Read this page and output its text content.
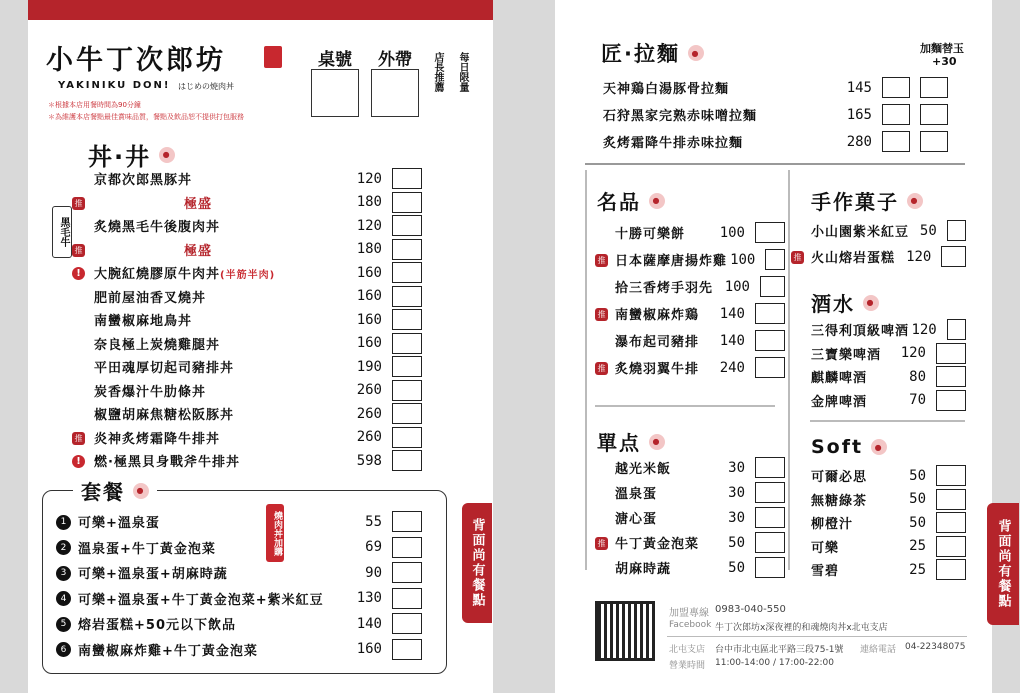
小牛丁次郎坊
YAKINIKU DON! はじめの焼肉丼
＊根據本店用餐時間為90分鐘
＊為維護本店餐點最佳賞味品質，餐點及飲品恕不提供打包服務
桌號 外帶 店長推薦 每日限量
丼·井	●
黑毛牛
京都次郎黑豚丼	120
推	極盛	180
炙燒黑毛牛後腹肉丼	120
推	極盛	180
!	大腕紅燒膠原牛肉丼(半筋半肉)	160
肥前屋油香叉燒丼	160
南蠻椒麻地鳥丼	160
奈良極上炭燒雞腿丼	160
平田魂厚切起司豬排丼	190
炭香爆汁牛肋條丼	260
椒鹽胡麻焦糖松阪豚丼	260
推 炎神炙烤霜降牛排丼	260
!	燃·極黑貝身戰斧牛排丼	598
套餐	●
燒肉丼加購
1 可樂+溫泉蛋	55
2 溫泉蛋+牛丁黃金泡菜	69
3 可樂+溫泉蛋+胡麻時蔬	90
4 可樂+溫泉蛋+牛丁黃金泡菜+紫米紅豆	130
5 熔岩蛋糕+50元以下飲品	140
6 南蠻椒麻炸雞+牛丁黃金泡菜	160
背面尚有餐點
匠·拉麵	●	加麵替玉
+30
天神鶏白湯豚骨拉麵	145
石狩黑家完熟赤味噌拉麵	165
炙烤霜降牛排赤味拉麵	280
名品	●
十勝可樂餅	100
推 日本薩摩唐揚炸雞 100
拾三香烤手羽先 100
推 南蠻椒麻炸鶏	140
瀑布起司豬排	140
推 炙燒羽翼牛排	240
手作菓子	●
小山園紫米紅豆 50
推 火山熔岩蛋糕 120
酒水	●
三得利頂級啤酒 120
三寶樂啤酒	120
麒麟啤酒	80
金牌啤酒	70
單点	●
越光米飯	30
溫泉蛋	30
溏心蛋	30
推 牛丁黃金泡菜	50
胡麻時蔬	50
Soft	●
可爾必思	50
無糖綠茶	50
柳橙汁	50
可樂	25
雪碧	25
加盟專線 0983-040-550
Facebook 牛丁次郎坊x深夜裡的和魂燒肉丼x北屯支店
北屯支店 台中市北屯區北平路三段75-1號 連絡電話 04-22348075
營業時間 11:00-14:00 / 17:00-22:00
背面尚有餐點
